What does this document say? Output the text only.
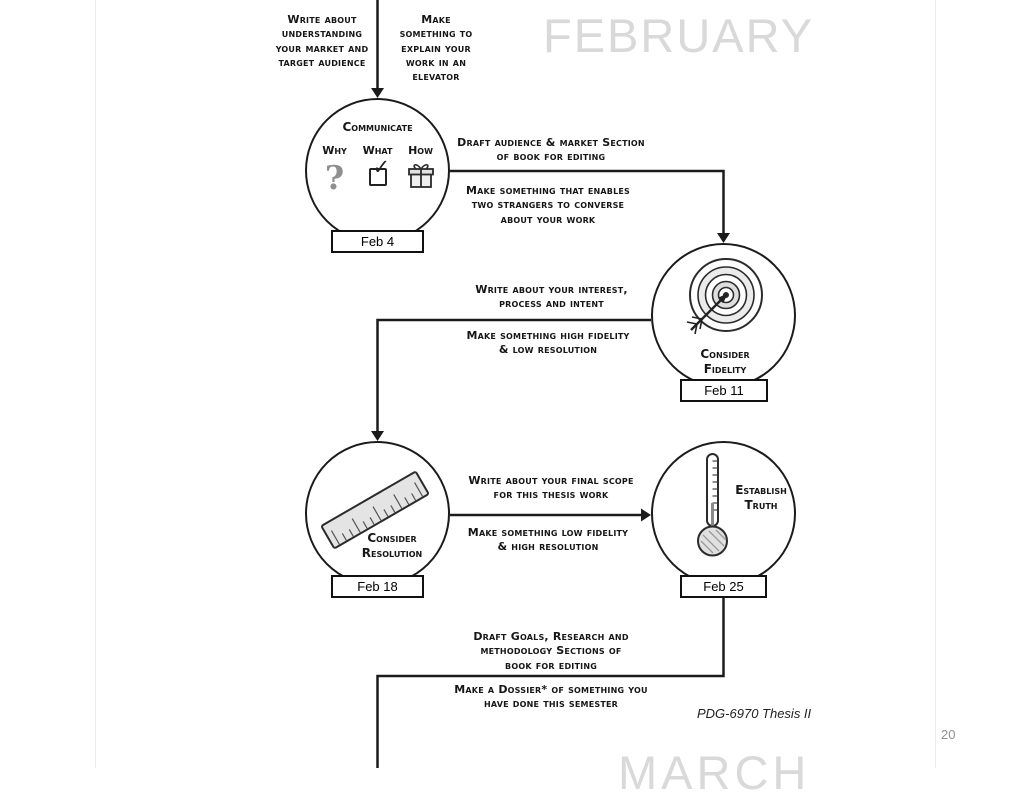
FEBRUARY
MARCH
Write about understanding your market and target audience
Make something to explain your work in an elevator
Communicate
Why
?
What
✓
How
Feb 4
Draft audience & market Section of book for editing
Make something that enables two strangers to converse about your work
Consider Fidelity
Feb 11
Write about your interest, process and intent
Make something high fidelity & low resolution
Consider Resolution
Feb 18
Write about your final scope for this thesis work
Make something low fidelity & high resolution
Establish Truth
Feb 25
Draft Goals, Research and methodology Sections of book for editing
Make a Dossier* of something you have done this semester
PDG-6970 Thesis II
20
